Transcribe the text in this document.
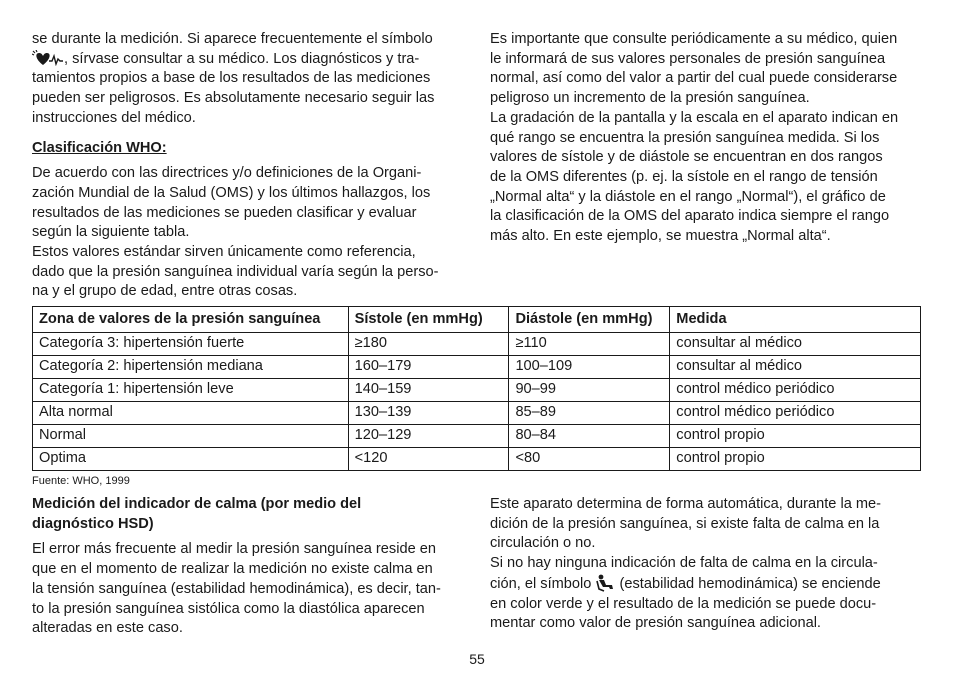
se durante la medición. Si aparece frecuentemente el símbolo
, sírvase consultar a su médico. Los diagnósticos y tra-
tamientos propios a base de los resultados de las mediciones
pueden ser peligrosos. Es absolutamente necesario seguir las
instrucciones del médico.

Clasificación WHO:

De acuerdo con las directrices y/o definiciones de la Organi-
zación Mundial de la Salud (OMS) y los últimos hallazgos, los
resultados de las mediciones se pueden clasificar y evaluar
según la siguiente tabla.
Estos valores estándar sirven únicamente como referencia,
dado que la presión sanguínea individual varía según la perso-
na y el grupo de edad, entre otras cosas.

Es importante que consulte periódicamente a su médico, quien
le informará de sus valores personales de presión sanguínea
normal, así como del valor a partir del cual puede considerarse
peligroso un incremento de la presión sanguínea.
La gradación de la pantalla y la escala en el aparato indican en
qué rango se encuentra la presión sanguínea medida. Si los
valores de sístole y de diástole se encuentran en dos rangos
de la OMS diferentes (p. ej. la sístole en el rango de tensión
„Normal alta“ y la diástole en el rango „Normal“), el gráfico de
la clasificación de la OMS del aparato indica siempre el rango
más alto. En este ejemplo, se muestra „Normal alta“.

Zona de valores de la presión sanguínea	Sístole (en mmHg)	Diástole (en mmHg)	Medida
Categoría 3: hipertensión fuerte	≥180	≥110	consultar al médico
Categoría 2: hipertensión mediana	160–179	100–109	consultar al médico
Categoría 1: hipertensión leve	140–159	90–99	control médico periódico
Alta normal	130–139	85–89	control médico periódico
Normal	120–129	80–84	control propio
Optima	<120	<80	control propio
Fuente: WHO, 1999

Medición del indicador de calma (por medio del
diagnóstico HSD)

El error más frecuente al medir la presión sanguínea reside en
que en el momento de realizar la medición no existe calma en
la tensión sanguínea (estabilidad hemodinámica), es decir, tan-
to la presión sanguínea sistólica como la diastólica aparecen
alteradas en este caso.

Este aparato determina de forma automática, durante la me-
dición de la presión sanguínea, si existe falta de calma en la
circulación o no.
Si no hay ninguna indicación de falta de calma en la circula-
ción, el símbolo  (estabilidad hemodinámica) se enciende
en color verde y el resultado de la medición se puede docu-
mentar como valor de presión sanguínea adicional.

55
